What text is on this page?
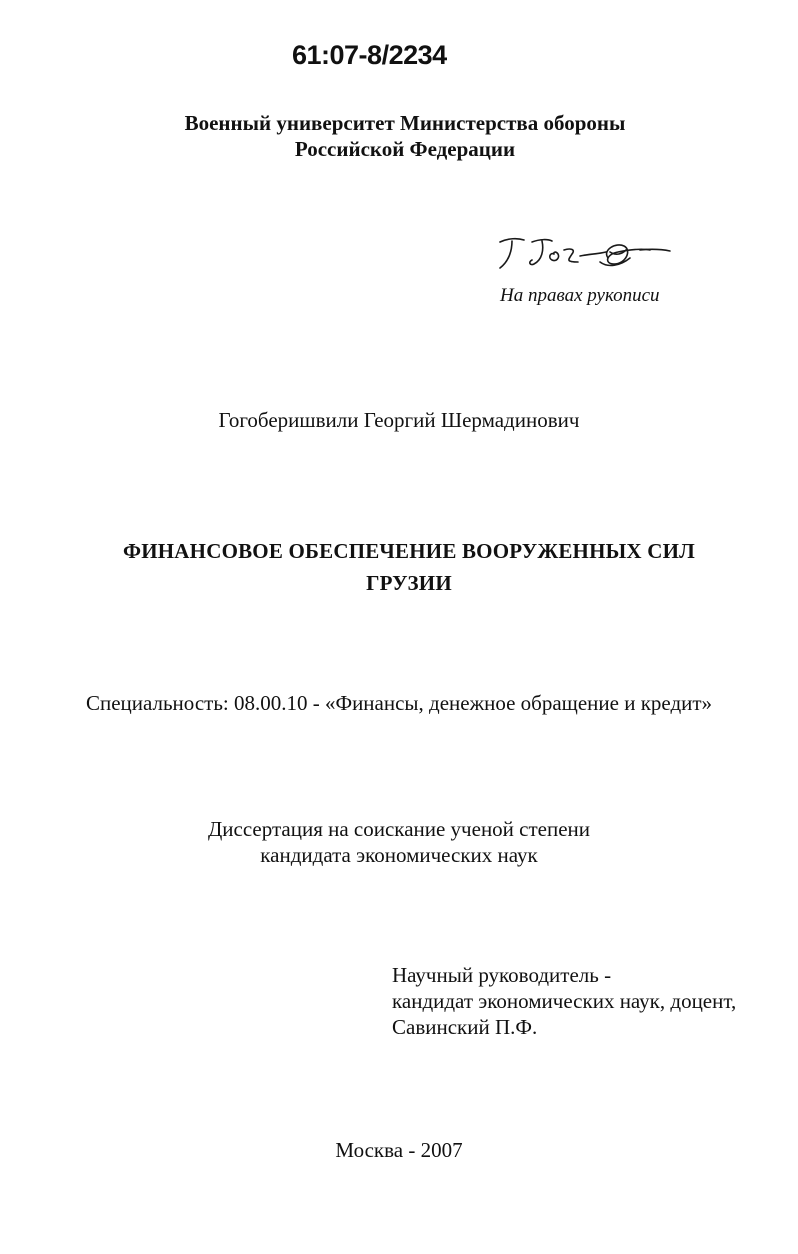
61:07-8/2234
Военный университет Министерства обороны
Российской Федерации
На правах рукописи
Гогоберишвили Георгий Шермадинович
ФИНАНСОВОЕ ОБЕСПЕЧЕНИЕ ВООРУЖЕННЫХ СИЛ
ГРУЗИИ
Специальность: 08.00.10 - «Финансы, денежное обращение и кредит»
Диссертация на соискание ученой степени
кандидата экономических наук
Научный руководитель -
кандидат экономических наук, доцент,
Савинский П.Ф.
Москва - 2007
